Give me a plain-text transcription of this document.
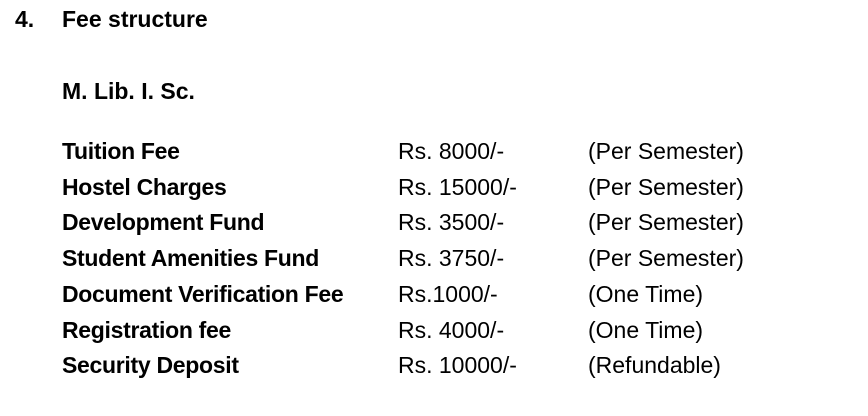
4. Fee structure
M. Lib. I. Sc.
Tuition Fee	Rs. 8000/-	(Per Semester)
Hostel Charges	Rs. 15000/-	(Per Semester)
Development Fund	Rs. 3500/-	(Per Semester)
Student Amenities Fund	Rs. 3750/-	(Per Semester)
Document Verification Fee	Rs.1000/-	(One Time)
Registration fee	Rs. 4000/-	(One Time)
Security Deposit	Rs. 10000/-	(Refundable)
